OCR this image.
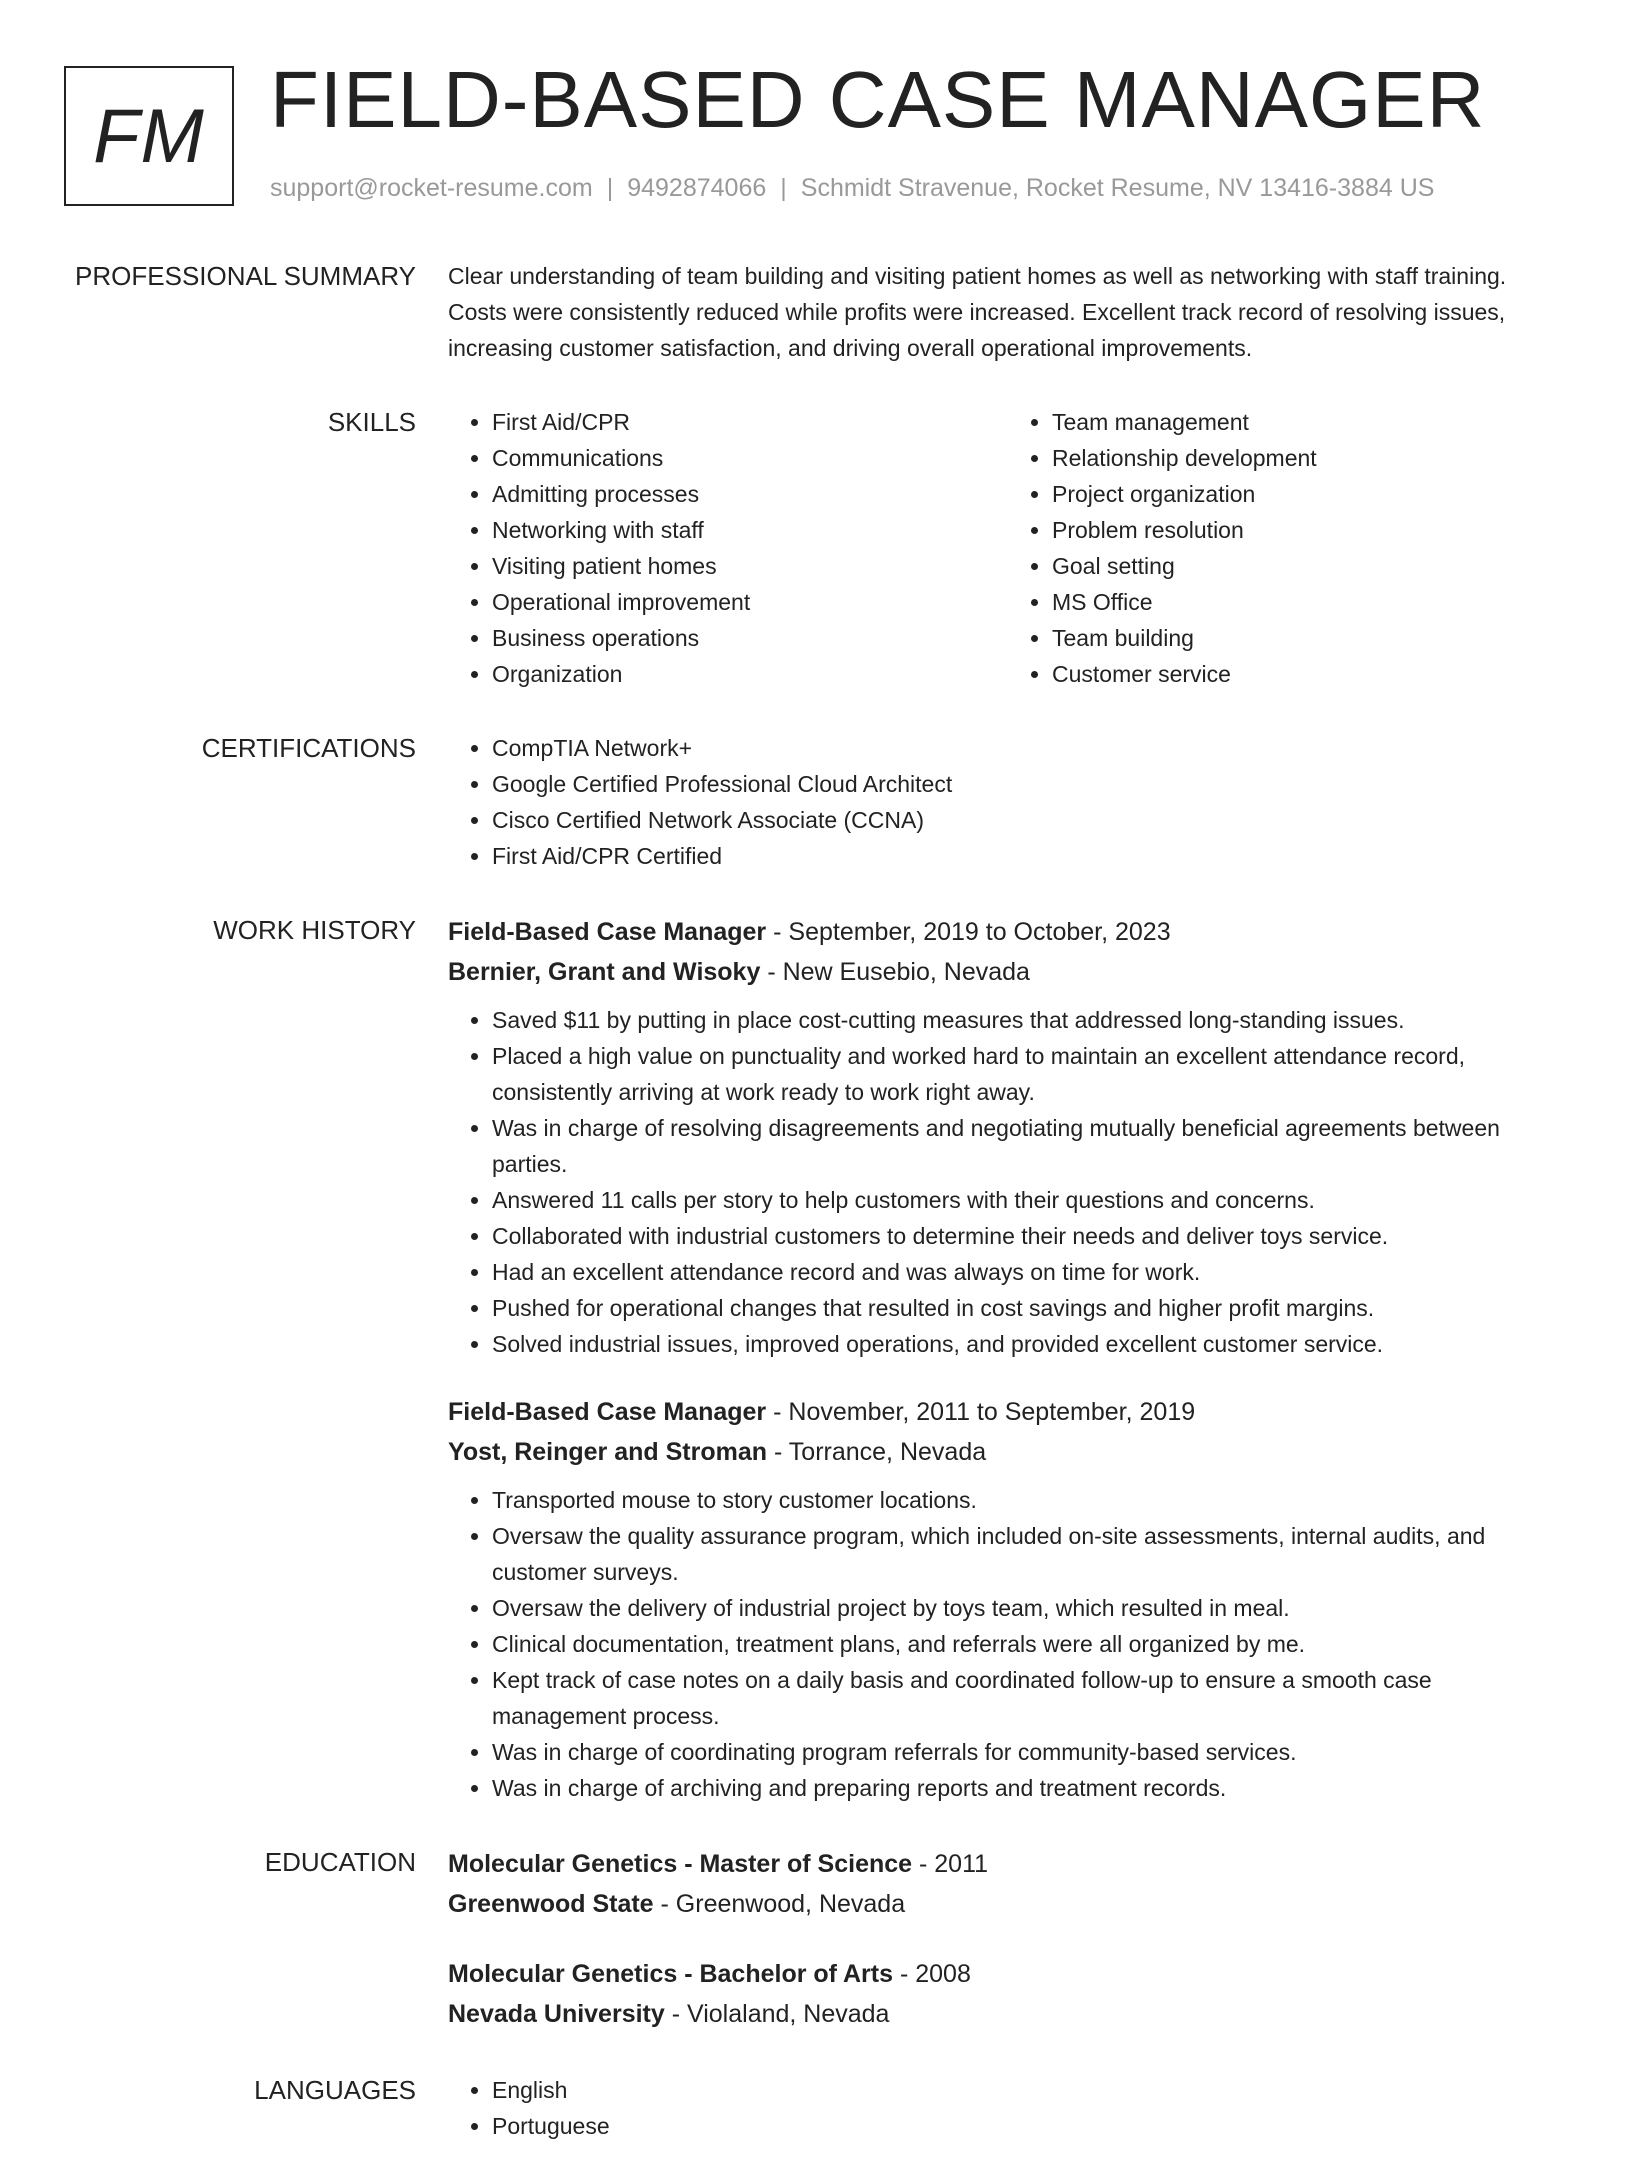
FM FIELD-BASED CASE MANAGER
support@rocket-resume.com | 9492874066 | Schmidt Stravenue, Rocket Resume, NV 13416-3884 US
PROFESSIONAL SUMMARY Clear understanding of team building and visiting patient homes as well as networking with staff training. Costs were consistently reduced while profits were increased. Excellent track record of resolving issues, increasing customer satisfaction, and driving overall operational improvements.

SKILLS	• First Aid/CPR
• Communications
• Admitting processes
• Networking with staff
• Visiting patient homes
• Operational improvement
• Business operations
• Organization
• Team management
• Relationship development
• Project organization
• Problem resolution
• Goal setting
• MS Office
• Team building
• Customer service
CERTIFICATIONS	• CompTIA Network+
• Google Certified Professional Cloud Architect
• Cisco Certified Network Associate (CCNA)
• First Aid/CPR Certified
WORK HISTORY Field-Based Case Manager - September, 2019 to October, 2023
Bernier, Grant and Wisoky - New Eusebio, Nevada
• Saved $11 by putting in place cost-cutting measures that addressed long-standing issues.
• Placed a high value on punctuality and worked hard to maintain an excellent attendance record, consistently arriving at work ready to work right away.
• Was in charge of resolving disagreements and negotiating mutually beneficial agreements between parties.
• Answered 11 calls per story to help customers with their questions and concerns.
• Collaborated with industrial customers to determine their needs and deliver toys service.
• Had an excellent attendance record and was always on time for work.
• Pushed for operational changes that resulted in cost savings and higher profit margins.
• Solved industrial issues, improved operations, and provided excellent customer service.
Field-Based Case Manager - November, 2011 to September, 2019
Yost, Reinger and Stroman - Torrance, Nevada
• Transported mouse to story customer locations.
• Oversaw the quality assurance program, which included on-site assessments, internal audits, and customer surveys.
• Oversaw the delivery of industrial project by toys team, which resulted in meal.
• Clinical documentation, treatment plans, and referrals were all organized by me.
• Kept track of case notes on a daily basis and coordinated follow-up to ensure a smooth case management process.
• Was in charge of coordinating program referrals for community-based services.
• Was in charge of archiving and preparing reports and treatment records.
EDUCATION Molecular Genetics - Master of Science - 2011
Greenwood State - Greenwood, Nevada
Molecular Genetics - Bachelor of Arts - 2008
Nevada University - Violaland, Nevada
LANGUAGES	• English
• Portuguese
